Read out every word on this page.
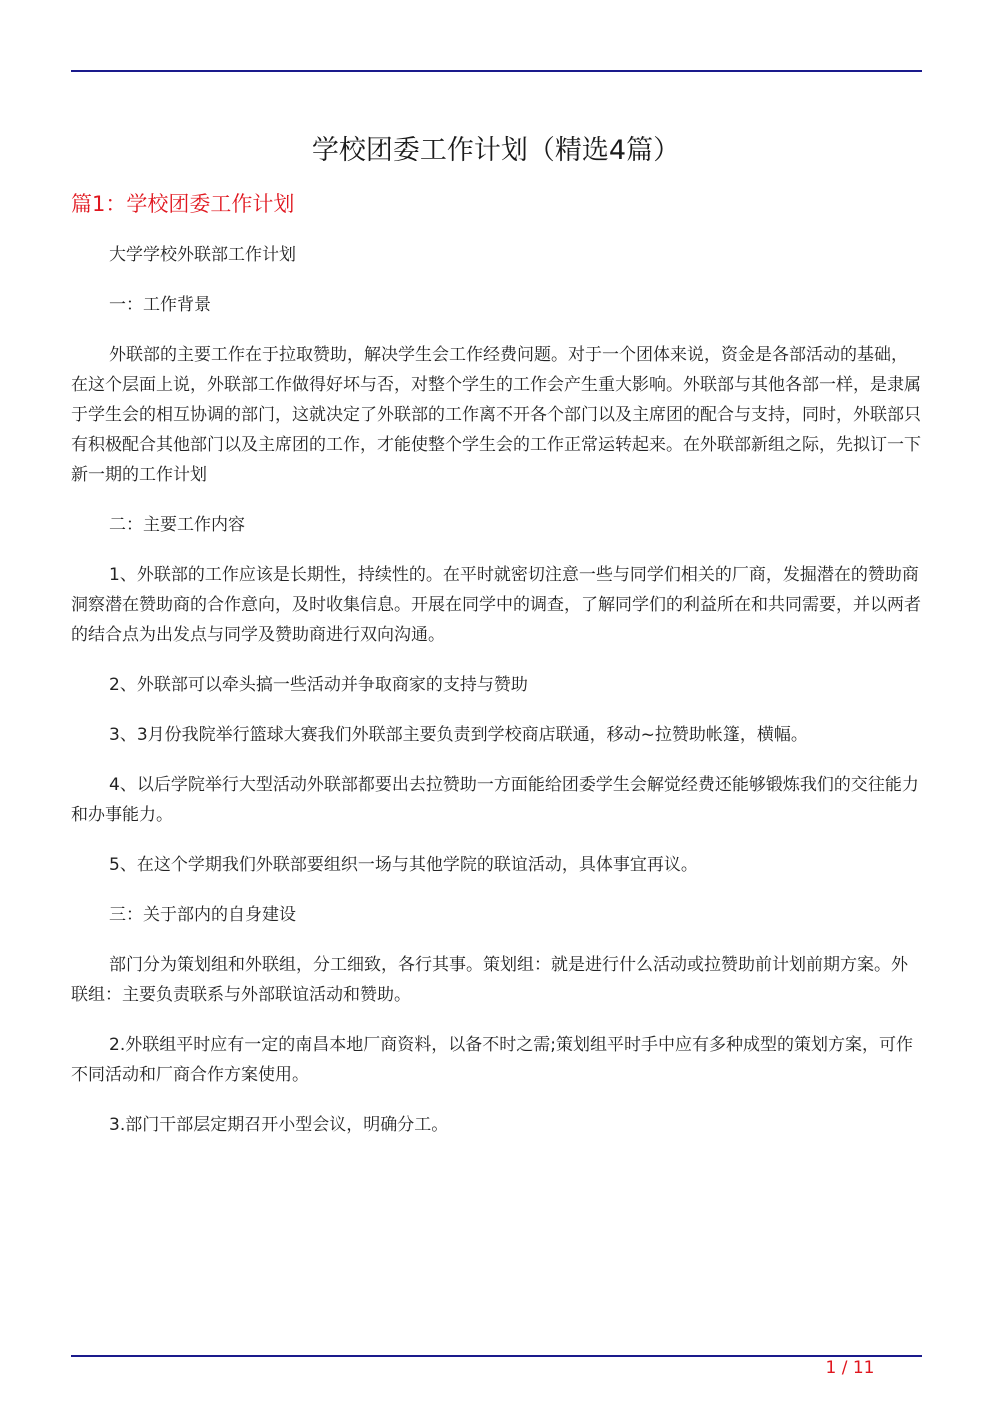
学校团委工作计划（精选4篇）
篇1：学校团委工作计划

大学学校外联部工作计划

一：工作背景

外联部的主要工作在于拉取赞助，解决学生会工作经费问题。对于一个团体来说，资金是各部活动的基础，在这个层面上说，外联部工作做得好坏与否，对整个学生的工作会产生重大影响。外联部与其他各部一样，是隶属于学生会的相互协调的部门，这就决定了外联部的工作离不开各个部门以及主席团的配合与支持，同时，外联部只有积极配合其他部门以及主席团的工作，才能使整个学生会的工作正常运转起来。在外联部新组之际，先拟订一下新一期的工作计划

二：主要工作内容

1、外联部的工作应该是长期性，持续性的。在平时就密切注意一些与同学们相关的厂商，发掘潜在的赞助商洞察潜在赞助商的合作意向，及时收集信息。开展在同学中的调查，了解同学们的利益所在和共同需要，并以两者的结合点为出发点与同学及赞助商进行双向沟通。

2、外联部可以牵头搞一些活动并争取商家的支持与赞助

3、3月份我院举行篮球大赛我们外联部主要负责到学校商店联通，移动~拉赞助帐篷，横幅。

4、以后学院举行大型活动外联部都要出去拉赞助一方面能给团委学生会解觉经费还能够锻炼我们的交往能力和办事能力。

5、在这个学期我们外联部要组织一场与其他学院的联谊活动，具体事宜再议。

三：关于部内的自身建设

部门分为策划组和外联组，分工细致，各行其事。策划组：就是进行什么活动或拉赞助前计划前期方案。外联组：主要负责联系与外部联谊活动和赞助。

2.外联组平时应有一定的南昌本地厂商资料，以备不时之需;策划组平时手中应有多种成型的策划方案，可作不同活动和厂商合作方案使用。

3.部门干部层定期召开小型会议，明确分工。

1 / 11
